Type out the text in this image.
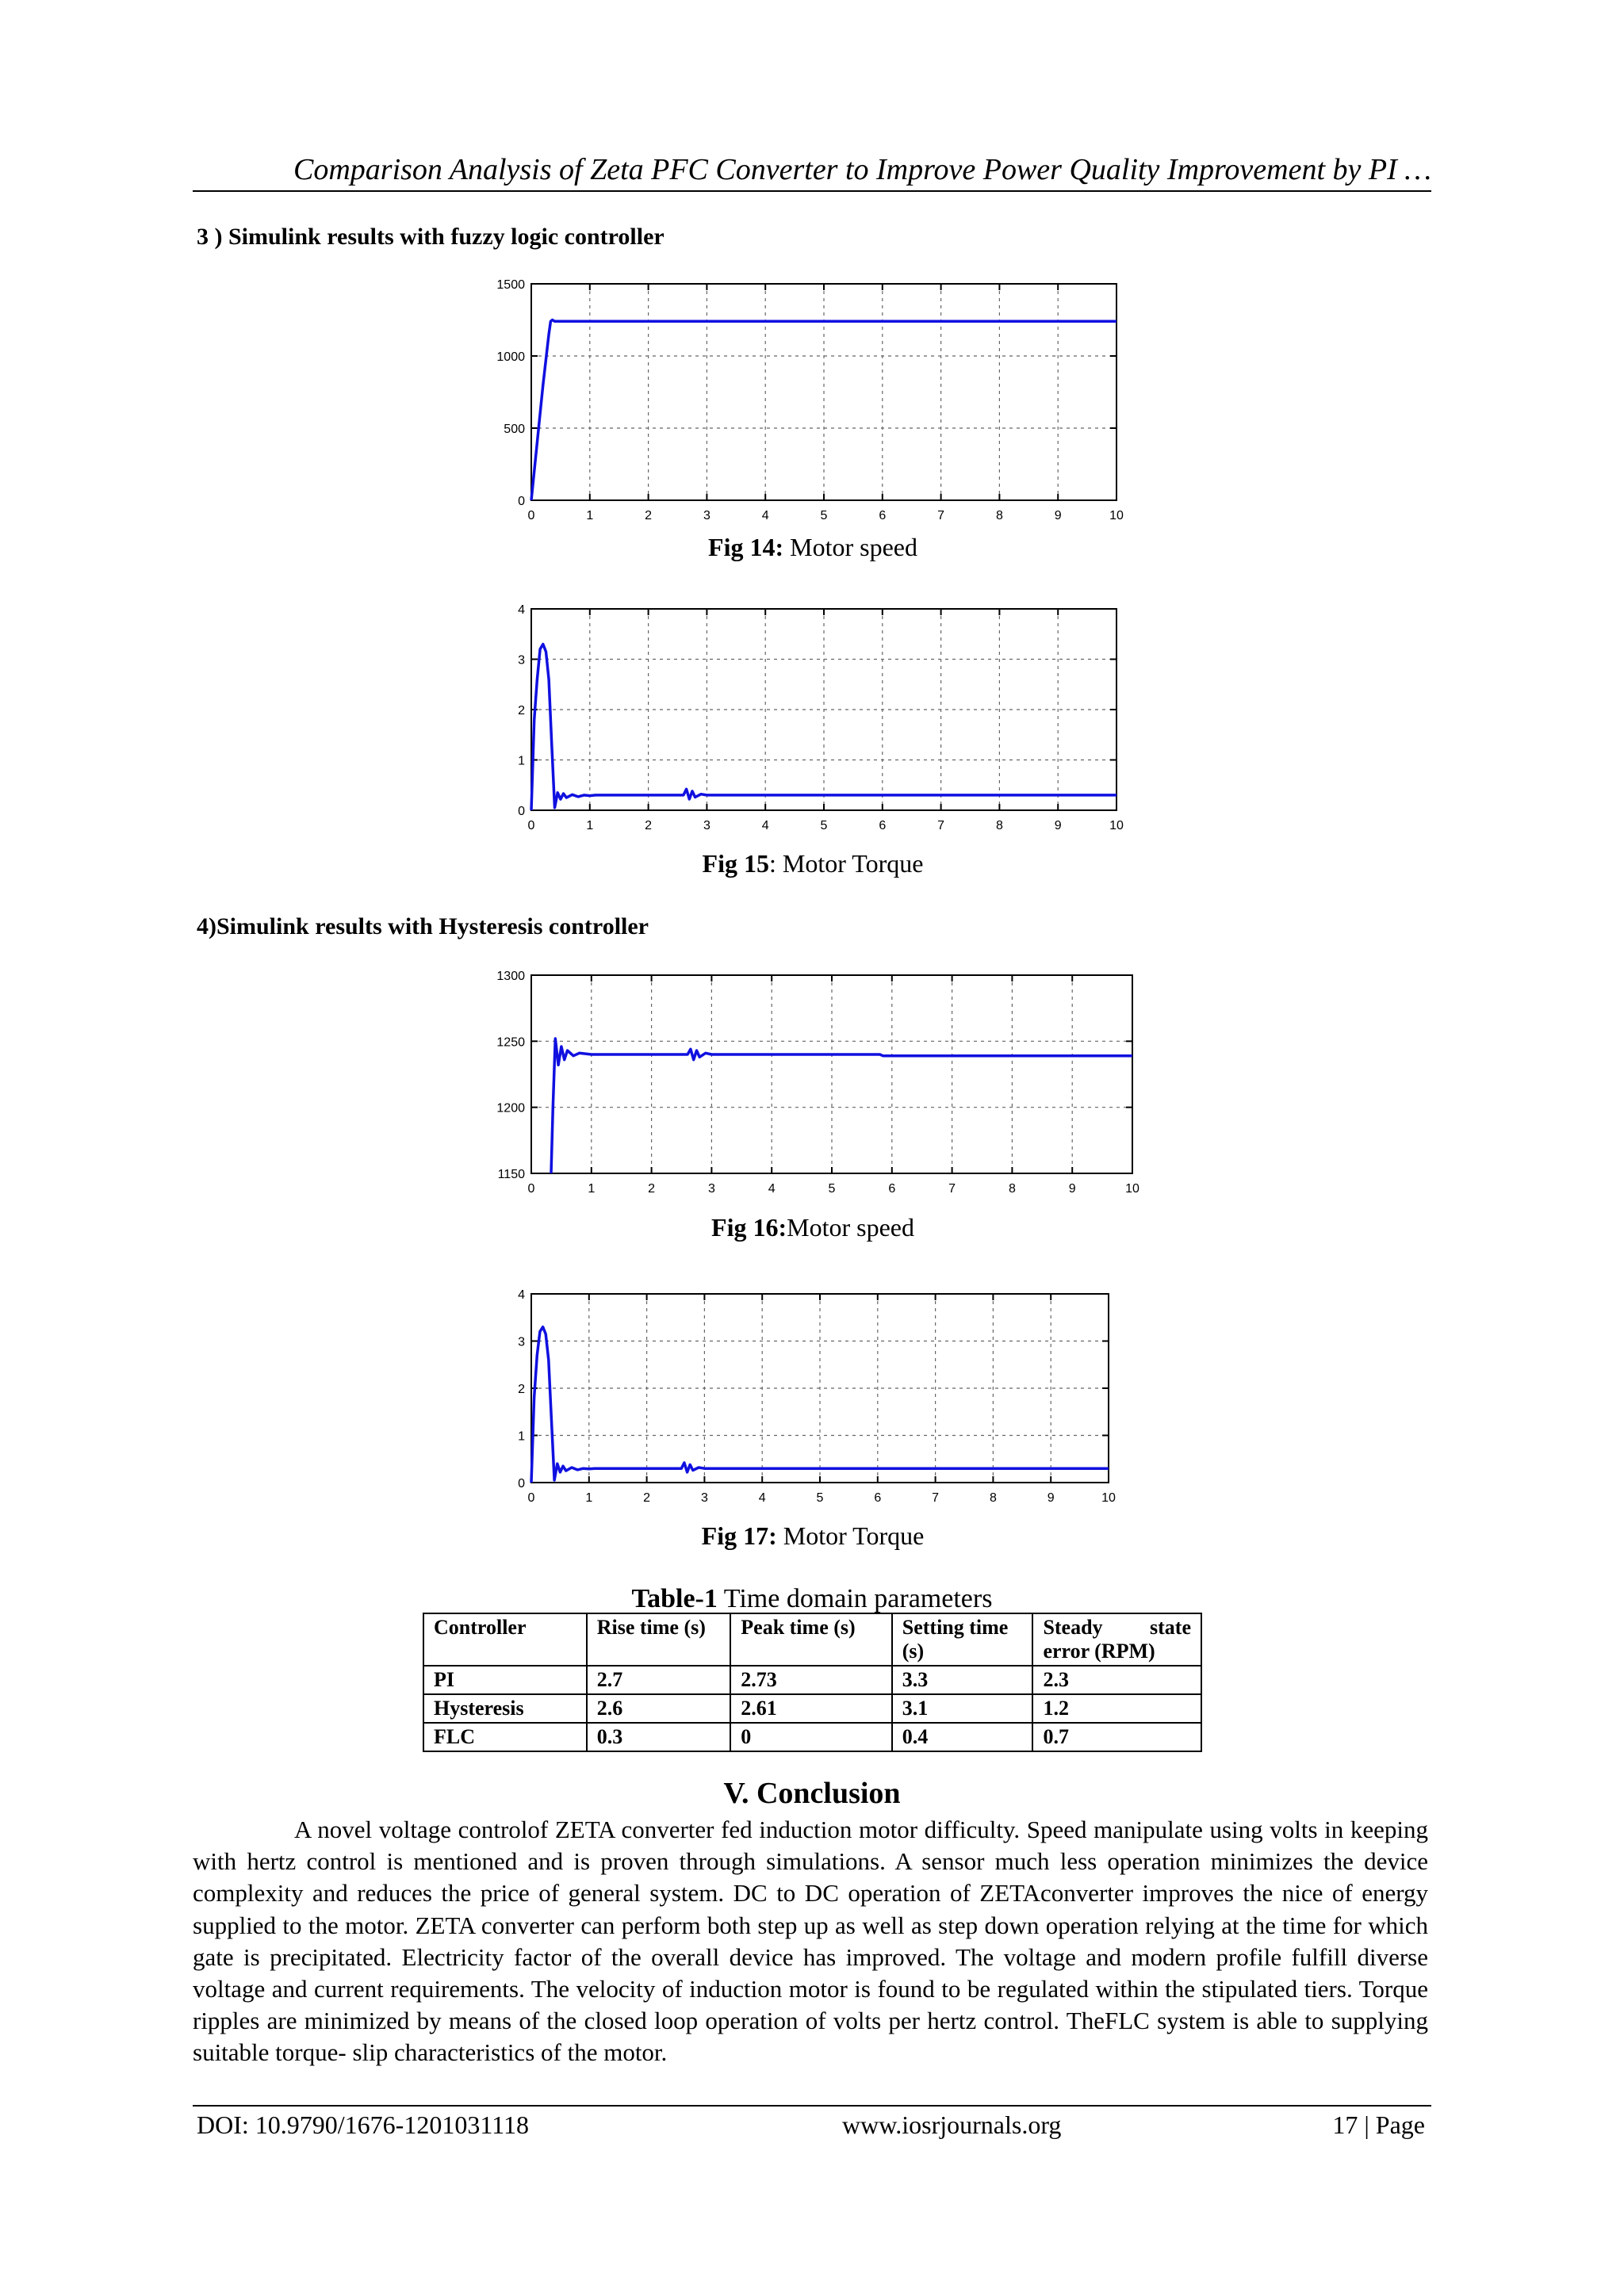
Comparison Analysis of Zeta PFC Converter to Improve Power Quality Improvement by PI …
3 ) Simulink results with fuzzy logic controller
0	1	2	3	4	5	6	7	8	9	10
0
500
1000
1500
Fig 14: Motor speed
0	1	2	3	4	5	6	7	8	9	10
0
1
2
3
4
Fig 15: Motor Torque
4)Simulink results with Hysteresis controller
0	1	2	3	4	5	6	7	8	9	10
1150
1200
1250
1300
Fig 16:Motor speed
0	1	2	3	4	5	6	7	8	9	10
0
1
2
3
4
Fig 17: Motor Torque
Table-1 Time domain parameters
Controller	Rise time (s)	Peak time (s)	Setting time (s)	Steady state error (RPM)
PI	2.7	2.73	3.3	2.3
Hysteresis	2.6	2.61	3.1	1.2
FLC	0.3	0	0.4	0.7
V. Conclusion
A novel voltage controlof ZETA converter fed induction motor difficulty. Speed manipulate using volts in keeping with hertz control is mentioned and is proven through simulations. A sensor much less operation minimizes the device complexity and reduces the price of general system. DC to DC operation of ZETAconverter improves the nice of energy supplied to the motor. ZETA converter can perform both step up as well as step down operation relying at the time for which gate is precipitated. Electricity factor of the overall device has improved. The voltage and modern profile fulfill diverse voltage and current requirements. The velocity of induction motor is found to be regulated within the stipulated tiers. Torque ripples are minimized by means of the closed loop operation of volts per hertz control. TheFLC system is able to supplying suitable torque- slip characteristics of the motor.
DOI: 10.9790/1676-1201031118	www.iosrjournals.org	17 | Page
